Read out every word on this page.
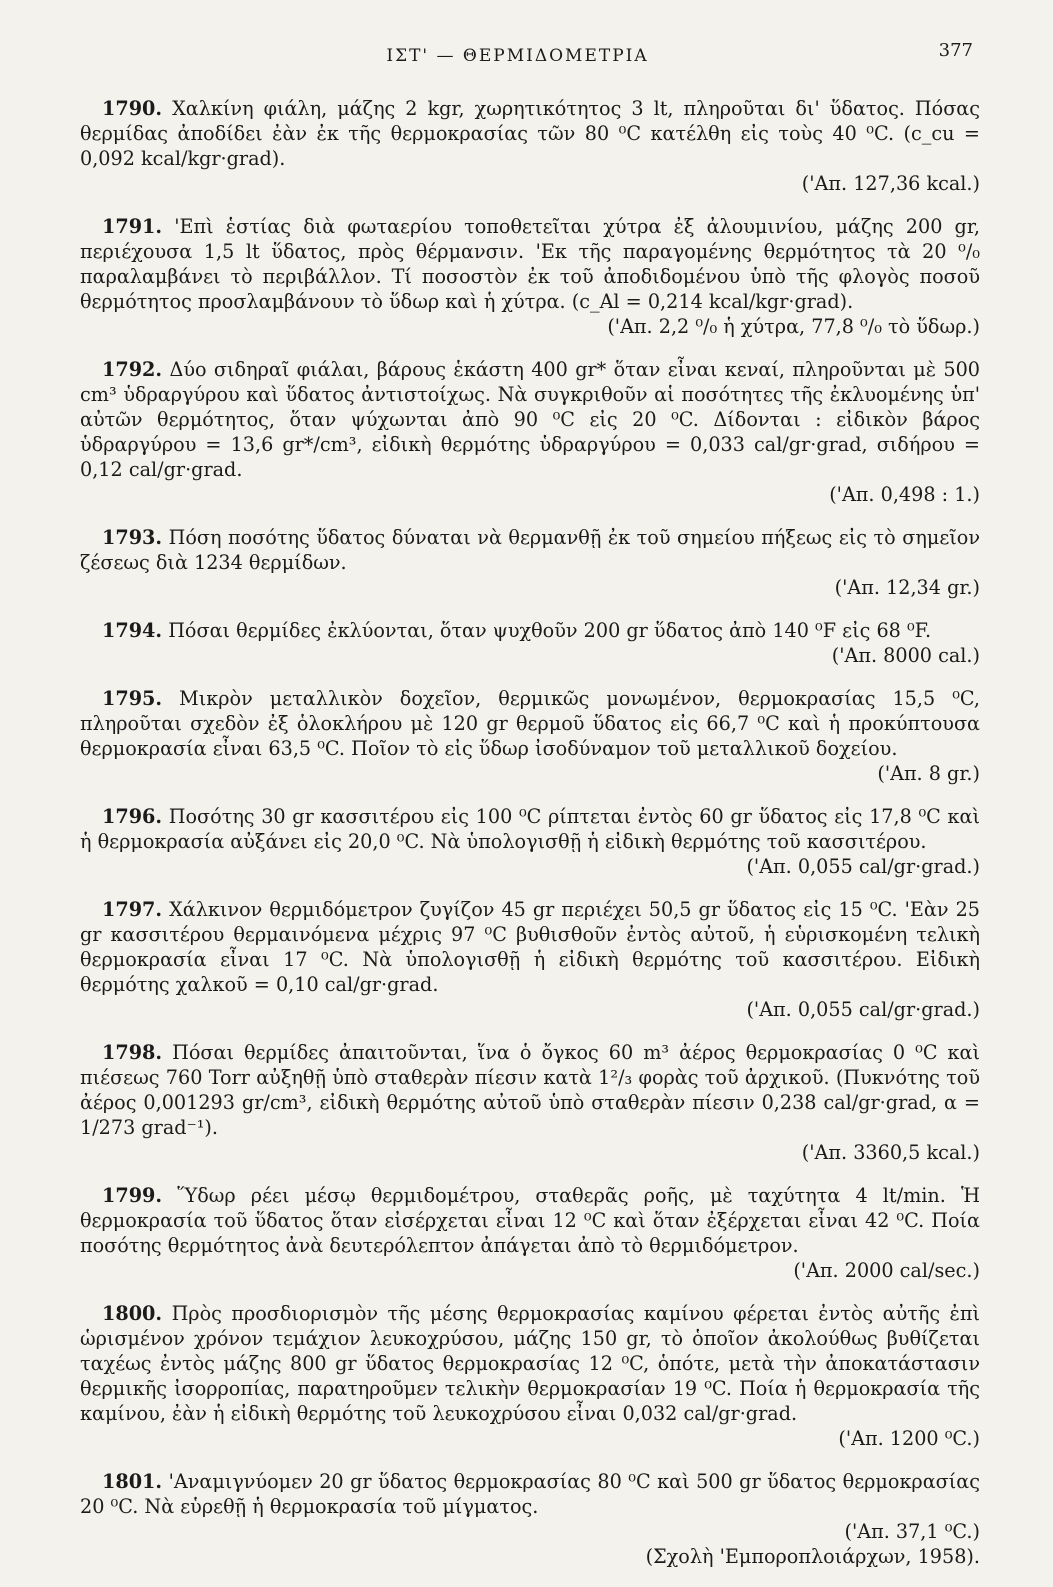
ΙΣΤ' — ΘΕΡΜΙΔΟΜΕΤΡΙΑ	377
1790. Χαλκίνη φιάλη, μάζης 2 kgr, χωρητικότητος 3 lt, πληροῦται δι' ὕδατος. Πόσας θερμίδας ἀποδίδει ἐὰν ἐκ τῆς θερμοκρασίας τῶν 80 ⁰C κατέλθη εἰς τοὺς 40 ⁰C. (c_cu = 0,092 kcal/kgr·grad).
('Απ. 127,36 kcal.)
1791. 'Επὶ ἑστίας διὰ φωταερίου τοποθετεῖται χύτρα ἐξ ἀλουμινίου, μάζης 200 gr, περιέχουσα 1,5 lt ὕδατος, πρὸς θέρμανσιν. 'Εκ τῆς παραγομένης θερμότητος τὰ 20 ⁰/₀ παραλαμβάνει τὸ περιβάλλον. Τί ποσοστὸν ἐκ τοῦ ἀποδιδομένου ὑπὸ τῆς φλογὸς ποσοῦ θερμότητος προσλαμβάνουν τὸ ὕδωρ καὶ ἡ χύτρα. (c_Al = 0,214 kcal/kgr·grad).
('Απ. 2,2 ⁰/₀ ἡ χύτρα, 77,8 ⁰/₀ τὸ ὕδωρ.)
1792. Δύο σιδηραῖ φιάλαι, βάρους ἑκάστη 400 gr* ὅταν εἶναι κεναί, πληροῦνται μὲ 500 cm³ ὑδραργύρου καὶ ὕδατος ἀντιστοίχως. Νὰ συγκριθοῦν αἱ ποσότητες τῆς ἐκλυομένης ὑπ' αὐτῶν θερμότητος, ὅταν ψύχωνται ἀπὸ 90 ⁰C εἰς 20 ⁰C. Δίδονται : εἰδικὸν βάρος ὑδραργύρου = 13,6 gr*/cm³, εἰδικὴ θερμότης ὑδραργύρου = 0,033 cal/gr·grad, σιδήρου = 0,12 cal/gr·grad.
('Απ. 0,498 : 1.)
1793. Πόση ποσότης ὕδατος δύναται νὰ θερμανθῇ ἐκ τοῦ σημείου πήξεως εἰς τὸ σημεῖον ζέσεως διὰ 1234 θερμίδων.
('Απ. 12,34 gr.)
1794. Πόσαι θερμίδες ἐκλύονται, ὅταν ψυχθοῦν 200 gr ὕδατος ἀπὸ 140 ⁰F εἰς 68 ⁰F.
('Απ. 8000 cal.)
1795. Μικρὸν μεταλλικὸν δοχεῖον, θερμικῶς μονωμένον, θερμοκρασίας 15,5 ⁰C, πληροῦται σχεδὸν ἐξ ὁλοκλήρου μὲ 120 gr θερμοῦ ὕδατος εἰς 66,7 ⁰C καὶ ἡ προκύπτουσα θερμοκρασία εἶναι 63,5 ⁰C. Ποῖον τὸ εἰς ὕδωρ ἰσοδύναμον τοῦ μεταλλικοῦ δοχείου.
('Απ. 8 gr.)
1796. Ποσότης 30 gr κασσιτέρου εἰς 100 ⁰C ρίπτεται ἐντὸς 60 gr ὕδατος εἰς 17,8 ⁰C καὶ ἡ θερμοκρασία αὐξάνει εἰς 20,0 ⁰C. Νὰ ὑπολογισθῇ ἡ εἰδικὴ θερμότης τοῦ κασσιτέρου.
('Απ. 0,055 cal/gr·grad.)
1797. Χάλκινον θερμιδόμετρον ζυγίζον 45 gr περιέχει 50,5 gr ὕδατος εἰς 15 ⁰C. 'Εὰν 25 gr κασσιτέρου θερμαινόμενα μέχρις 97 ⁰C βυθισθοῦν ἐντὸς αὐτοῦ, ἡ εὑρισκομένη τελικὴ θερμοκρασία εἶναι 17 ⁰C. Νὰ ὑπολογισθῇ ἡ εἰδικὴ θερμότης τοῦ κασσιτέρου. Εἰδικὴ θερμότης χαλκοῦ = 0,10 cal/gr·grad.
('Απ. 0,055 cal/gr·grad.)
1798. Πόσαι θερμίδες ἀπαιτοῦνται, ἵνα ὁ ὄγκος 60 m³ ἀέρος θερμοκρασίας 0 ⁰C καὶ πιέσεως 760 Torr αὐξηθῇ ὑπὸ σταθερὰν πίεσιν κατὰ 1²/₃ φορὰς τοῦ ἀρχικοῦ. (Πυκνότης τοῦ ἀέρος 0,001293 gr/cm³, εἰδικὴ θερμότης αὐτοῦ ὑπὸ σταθερὰν πίεσιν 0,238 cal/gr·grad, α = 1/273 grad⁻¹).
('Απ. 3360,5 kcal.)
1799. Ὕδωρ ρέει μέσῳ θερμιδομέτρου, σταθερᾶς ροῆς, μὲ ταχύτητα 4 lt/min. Ἡ θερμοκρασία τοῦ ὕδατος ὅταν εἰσέρχεται εἶναι 12 ⁰C καὶ ὅταν ἐξέρχεται εἶναι 42 ⁰C. Ποία ποσότης θερμότητος ἀνὰ δευτερόλεπτον ἀπάγεται ἀπὸ τὸ θερμιδόμετρον.
('Απ. 2000 cal/sec.)
1800. Πρὸς προσδιορισμὸν τῆς μέσης θερμοκρασίας καμίνου φέρεται ἐντὸς αὐτῆς ἐπὶ ὡρισμένον χρόνον τεμάχιον λευκοχρύσου, μάζης 150 gr, τὸ ὁποῖον ἀκολούθως βυθίζεται ταχέως ἐντὸς μάζης 800 gr ὕδατος θερμοκρασίας 12 ⁰C, ὁπότε, μετὰ τὴν ἀποκατάστασιν θερμικῆς ἰσορροπίας, παρατηροῦμεν τελικὴν θερμοκρασίαν 19 ⁰C. Ποία ἡ θερμοκρασία τῆς καμίνου, ἐὰν ἡ εἰδικὴ θερμότης τοῦ λευκοχρύσου εἶναι 0,032 cal/gr·grad.
('Απ. 1200 ⁰C.)
1801. 'Αναμιγνύομεν 20 gr ὕδατος θερμοκρασίας 80 ⁰C καὶ 500 gr ὕδατος θερμοκρασίας 20 ⁰C. Νὰ εὑρεθῇ ἡ θερμοκρασία τοῦ μίγματος.
('Απ. 37,1 ⁰C.)
(Σχολὴ 'Εμποροπλοιάρχων, 1958).
